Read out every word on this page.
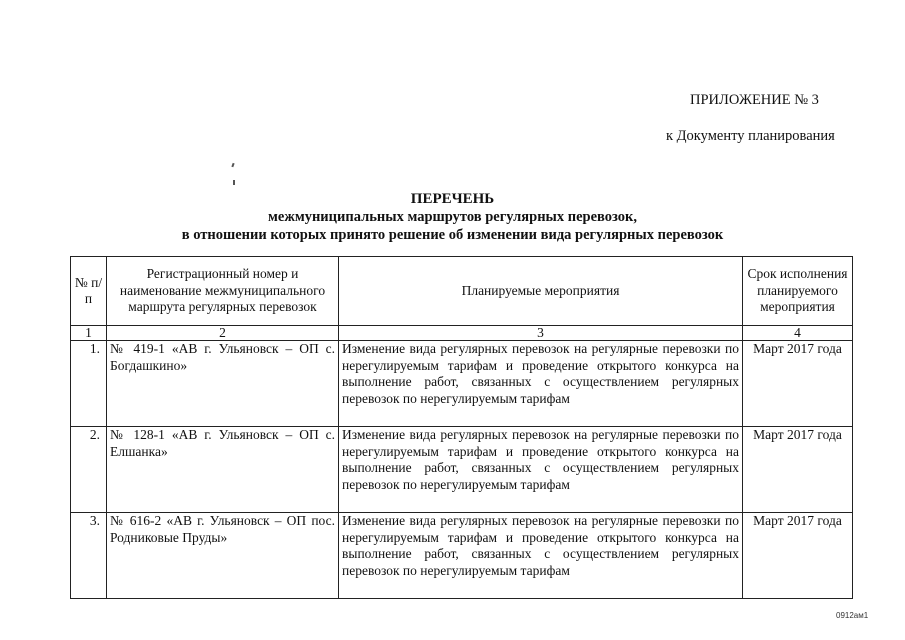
ПРИЛОЖЕНИЕ № 3
к Документу планирования
ПЕРЕЧЕНЬ
межмуниципальных маршрутов регулярных перевозок,
в отношении которых принято решение об изменении вида регулярных перевозок
№ п/п	Регистрационный номер и наименование межмуниципального маршрута регулярных перевозок	Планируемые мероприятия	Срок исполнения планируемого мероприятия
1	2	3	4
1.	№ 419-1 «АВ г. Ульяновск – ОП с. Богдашкино»	Изменение вида регулярных перевозок на регулярные перевозки по нерегулируемым тарифам и проведение открытого конкурса на выполнение работ, связанных с осуществлением регулярных перевозок по нерегулируемым тарифам	Март 2017 года
2.	№ 128-1 «АВ г. Ульяновск – ОП с. Елшанка»	Изменение вида регулярных перевозок на регулярные перевозки по нерегулируемым тарифам и проведение открытого конкурса на выполнение работ, связанных с осуществлением регулярных перевозок по нерегулируемым тарифам	Март 2017 года
3.	№ 616-2 «АВ г. Ульяновск – ОП пос. Родниковые Пруды»	Изменение вида регулярных перевозок на регулярные перевозки по нерегулируемым тарифам и проведение открытого конкурса на выполнение работ, связанных с осуществлением регулярных перевозок по нерегулируемым тарифам	Март 2017 года
0912ам1
